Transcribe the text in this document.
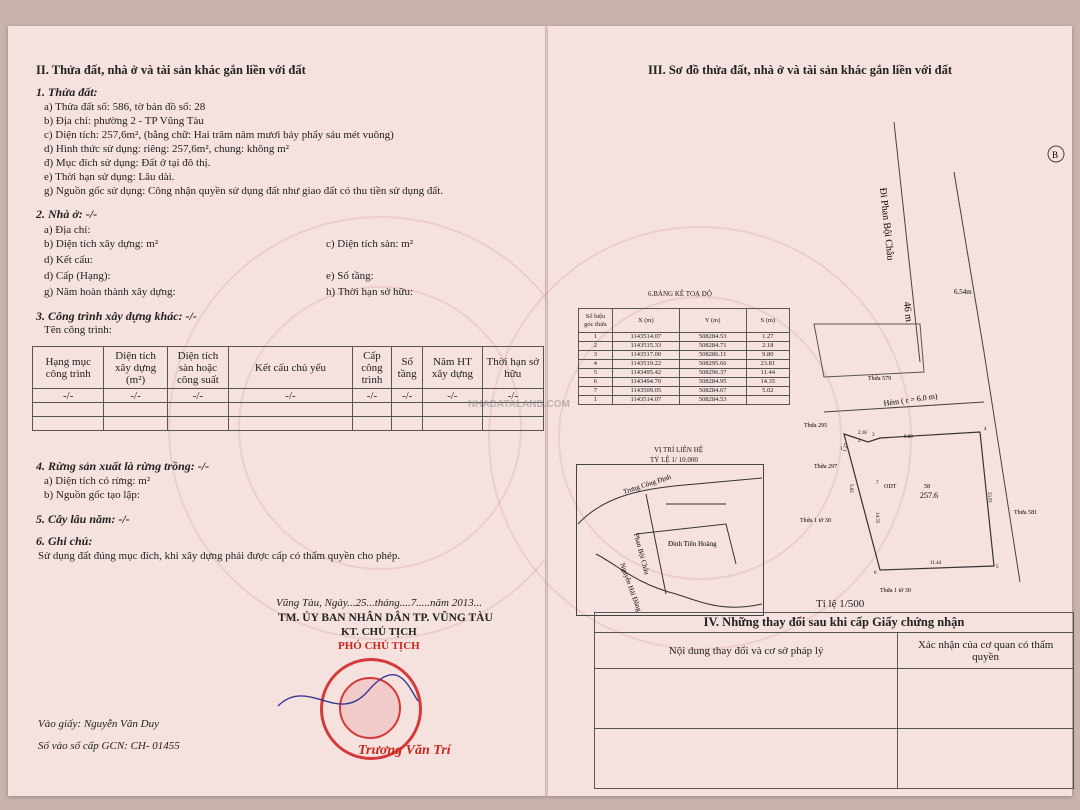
II. Thửa đất, nhà ở và tài sản khác gắn liền với đất
1. Thửa đất:
a) Thửa đất số: 586, tờ bản đồ số: 28
b) Địa chỉ: phường 2 - TP Vũng Tàu
c) Diện tích: 257,6m², (bằng chữ: Hai trăm năm mươi bảy phẩy sáu mét vuông)
d) Hình thức sử dụng: riêng: 257,6m², chung: không m²
đ) Mục đích sử dụng: Đất ở tại đô thị.
e) Thời hạn sử dụng: Lâu dài.
g) Nguồn gốc sử dụng: Công nhận quyền sử dụng đất như giao đất có thu tiền sử dụng đất.
2. Nhà ở: -/-
a) Địa chỉ:
b) Diện tích xây dựng: m²	c) Diện tích sàn: m²
d) Kết cấu:
d) Cấp (Hạng):	e) Số tầng:
g) Năm hoàn thành xây dựng:	h) Thời hạn sở hữu:
3. Công trình xây dựng khác: -/-
Tên công trình:
Hạng mục công trình	Diện tích xây dựng (m²)	Diện tích sàn hoặc công suất	Kết cấu chủ yếu	Cấp công trình	Số tầng	Năm HT xây dựng	Thời hạn sở hữu
-/-	-/-	-/-	-/-	-/-	-/-	-/-	-/-

4. Rừng sản xuất là rừng trồng: -/-
a) Diện tích có rừng: m²
b) Nguồn gốc tạo lập:
5. Cây lâu năm: -/-
6. Ghi chú:
Sử dụng đất đúng mục đích, khi xây dựng phải được cấp có thẩm quyền cho phép.
Vũng Tàu, Ngày...25...tháng....7.....năm 2013...
TM. ỦY BAN NHÂN DÂN TP. VŨNG TÀU
KT. CHỦ TỊCH
PHÓ CHỦ TỊCH
Trương Văn Trí
Vào giấy: Nguyễn Văn Duy
Số vào sổ cấp GCN: CH- 01455
III. Sơ đồ thửa đất, nhà ở và tài sản khác gắn liền với đất
6.BẢNG KÊ TOẠ ĐỘ
Số hiệu góc thửa	X (m)	Y (m)	S (m)
1	1143514.07	508284.53	1.27
2	1143515.33	508284.71	2.18
3	1143517.00	508286.11	9.80
4	1143519.22	508295.66	23.81
5	1143495.42	508296.37	11.44
6	1143494.70	508284.95	14.35
7	1143509.05	508284.67	5.02
1	1143514.07	508284.53	
VỊ TRÍ LIÊN HỆ
TỶ LỆ 1/ 10.000
Trưng Công Định
Phan Bội Châu Đinh Tiên Hoàng
Nguyễn Hải Đăng
B
Đi Phan Bội Châu
46 m
6.54m
Hẻm ( r = 6.0 m)
Thửa 579
Thửa 295
Thửa 297
Thửa 1 tờ 30
Thửa 581
Thửa 1 tờ 30
58
ODT
257.6
9.80
23.81
14.35
11.44
1.27
2.18
5.02
1
2
3
4
5
6
7
Tỉ lệ 1/500
IV. Những thay đổi sau khi cấp Giấy chứng nhận	
Nội dung thay đổi và cơ sở pháp lý	Xác nhận của cơ quan có thẩm quyền

NHADATALAND.COM
